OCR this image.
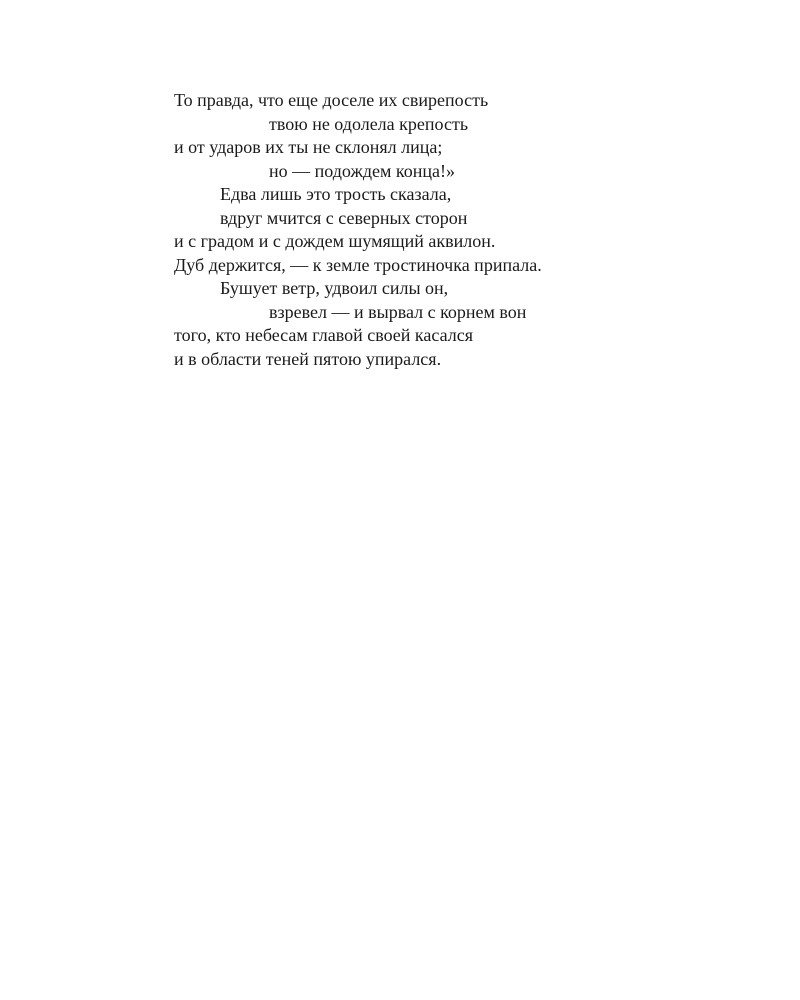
То правда, что еще доселе их свирепость
твою не одолела крепость
и от ударов их ты не склонял лица;
но — подождем конца!»
Едва лишь это трость сказала,
вдруг мчится с северных сторон
и с градом и с дождем шумящий аквилон.
Дуб держится, — к земле тростиночка припала.
Бушует ветр, удвоил силы он,
взревел — и вырвал с корнем вон
того, кто небесам главой своей касался
и в области теней пятою упирался.
